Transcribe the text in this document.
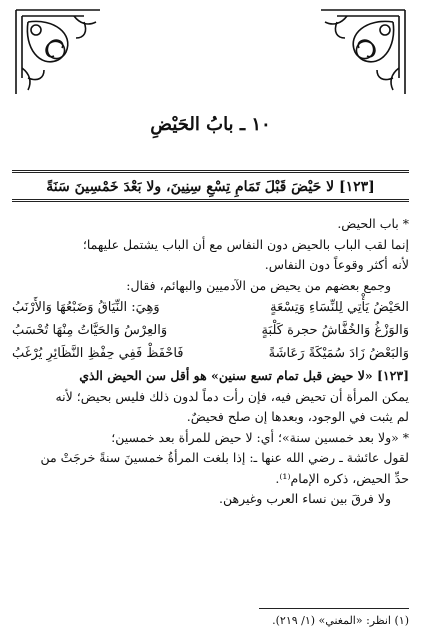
١٠ ـ بابُ الحَيْضِ
[١٢٣] لا حَيْضَ قَبْلَ تَمَامِ تِسْعِ سِنِينَ، ولا بَعْدَ خَمْسِينَ سَنَةً
* باب الحيض.
إنما لقب الباب بالحيض دون النفاس مع أن الباب يشتمل عليهما؛
لأنه أكثر وقوعاً دون النفاس.
وجمع بعضهم من يحيض من الآدميين والبهائم، فقال:
الحَيْضُ يَأْتِي لِلنِّسَاءِ وَتِسْعَةٍ
وَهِيَ: النِّيَاقُ وَضَبْعُهَا وَالأَرْنَبُ
وَالوَزْغُ وَالخُفَّاشُ حجرة كَلْبَةٍ
وَالعِرْسُ وَالحَيَّاتُ مِنْهَا تُحْسَبُ
وَالبَعْضُ زَادَ سُمَيْكَةً رَعَاشَةً
فَاحْفَظْ فَفِي حِفْظِ النَّظَائِرِ يُرْغَبُ
[١٢٣] «لا حيض قبل تمام تسع سنين» هو أقل سن الحيض الذي
يمكن المرأة أن تحيض فيه، فإن رأت دماً لدون ذلك فليس بحيض؛ لأنه
لم يثبت في الوجود، وبعدها إن صلح فحيضٌ.
* «ولا بعد خمسين سنة»؛ أي: لا حيض للمرأة بعد خمسين؛
لقول عائشة ـ رضي الله عنها ـ: إذا بلغت المرأةُ خمسينَ سنةً خرجَتْ من
حدِّ الحيض، ذكره الإمام⁽¹⁾.
ولا فرقَ بين نساء العرب وغيرهن.
(١) انظر: «المغني» (١/ ٢١٩).
